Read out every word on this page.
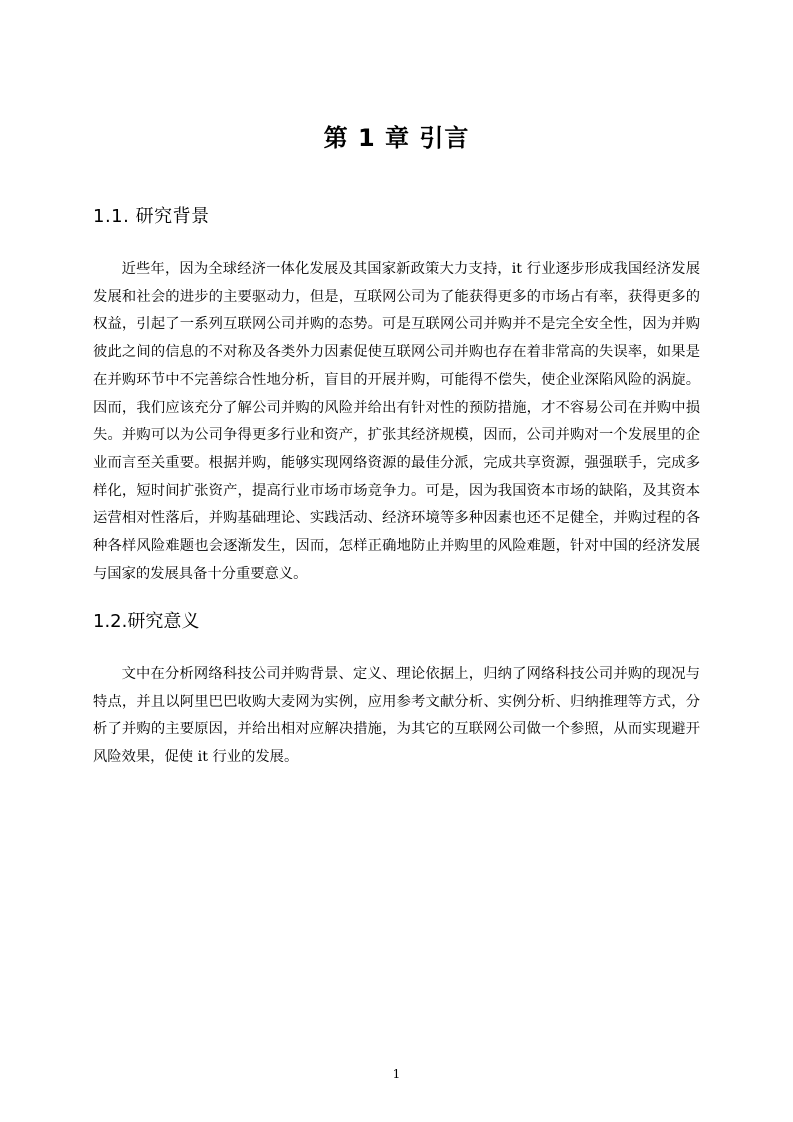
第 1 章 引言
1.1. 研究背景

近些年，因为全球经济一体化发展及其国家新政策大力支持，it 行业逐步形成我国经济发展发展和社会的进步的主要驱动力，但是，互联网公司为了能获得更多的市场占有率，获得更多的权益，引起了一系列互联网公司并购的态势。可是互联网公司并购并不是完全安全性，因为并购彼此之间的信息的不对称及各类外力因素促使互联网公司并购也存在着非常高的失误率，如果是在并购环节中不完善综合性地分析，盲目的开展并购，可能得不偿失，使企业深陷风险的涡旋。因而，我们应该充分了解公司并购的风险并给出有针对性的预防措施，才不容易公司在并购中损失。并购可以为公司争得更多行业和资产，扩张其经济规模，因而，公司并购对一个发展里的企业而言至关重要。根据并购，能够实现网络资源的最佳分派，完成共享资源，强强联手，完成多样化，短时间扩张资产，提高行业市场市场竞争力。可是，因为我国资本市场的缺陷，及其资本运营相对性落后，并购基础理论、实践活动、经济环境等多种因素也还不足健全，并购过程的各种各样风险难题也会逐渐发生，因而，怎样正确地防止并购里的风险难题，针对中国的经济发展与国家的发展具备十分重要意义。

1.2.研究意义

文中在分析网络科技公司并购背景、定义、理论依据上，归纳了网络科技公司并购的现况与特点，并且以阿里巴巴收购大麦网为实例，应用参考文献分析、实例分析、归纳推理等方式，分析了并购的主要原因，并给出相对应解决措施，为其它的互联网公司做一个参照，从而实现避开风险效果，促使 it 行业的发展。

1
